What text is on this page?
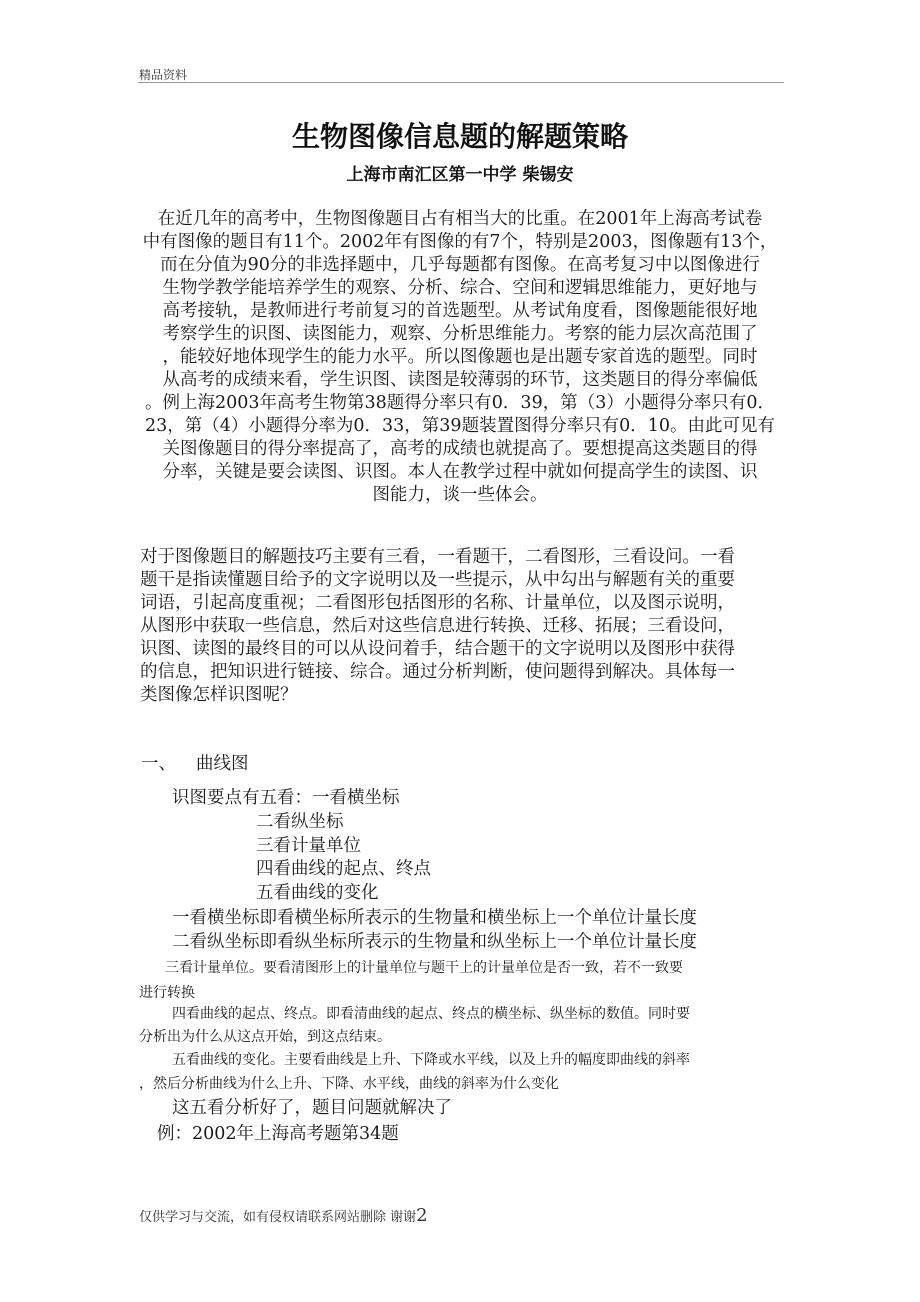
精品资料
生物图像信息题的解题策略
上海市南汇区第一中学 柴锡安
在近几年的高考中，生物图像题目占有相当大的比重。在2001年上海高考试卷
中有图像的题目有11个。2002年有图像的有7个，特别是2003，图像题有13个，
而在分值为90分的非选择题中，几乎每题都有图像。在高考复习中以图像进行
生物学教学能培养学生的观察、分析、综合、空间和逻辑思维能力，更好地与
高考接轨，是教师进行考前复习的首选题型。从考试角度看，图像题能很好地
考察学生的识图、读图能力，观察、分析思维能力。考察的能力层次高范围了
，能较好地体现学生的能力水平。所以图像题也是出题专家首选的题型。同时
从高考的成绩来看，学生识图、读图是较薄弱的环节，这类题目的得分率偏低
。例上海2003年高考生物第38题得分率只有0．39，第（3）小题得分率只有0．
23，第（4）小题得分率为0．33，第39题装置图得分率只有0．10。由此可见有
关图像题目的得分率提高了，高考的成绩也就提高了。要想提高这类题目的得
分率，关键是要会读图、识图。本人在教学过程中就如何提高学生的读图、识
图能力，谈一些体会。
对于图像题目的解题技巧主要有三看，一看题干，二看图形，三看设问。一看
题干是指读懂题目给予的文字说明以及一些提示，从中勾出与解题有关的重要
词语，引起高度重视；二看图形包括图形的名称、计量单位，以及图示说明，
从图形中获取一些信息，然后对这些信息进行转换、迁移、拓展；三看设问，
识图、读图的最终目的可以从设问着手，结合题干的文字说明以及图形中获得
的信息，把知识进行链接、综合。通过分析判断，使问题得到解决。具体每一
类图像怎样识图呢？
一、 曲线图
识图要点有五看：一看横坐标
二看纵坐标
三看计量单位
四看曲线的起点、终点
五看曲线的变化
一看横坐标即看横坐标所表示的生物量和横坐标上一个单位计量长度
二看纵坐标即看纵坐标所表示的生物量和纵坐标上一个单位计量长度
三看计量单位。要看清图形上的计量单位与题干上的计量单位是否一致，若不一致要
进行转换
四看曲线的起点、终点。即看清曲线的起点、终点的横坐标、纵坐标的数值。同时要
分析出为什么从这点开始，到这点结束。
五看曲线的变化。主要看曲线是上升、下降或水平线，以及上升的幅度即曲线的斜率
，然后分析曲线为什么上升、下降、水平线，曲线的斜率为什么变化
这五看分析好了，题目问题就解决了
例：2002年上海高考题第34题
仅供学习与交流，如有侵权请联系网站删除 谢谢2
